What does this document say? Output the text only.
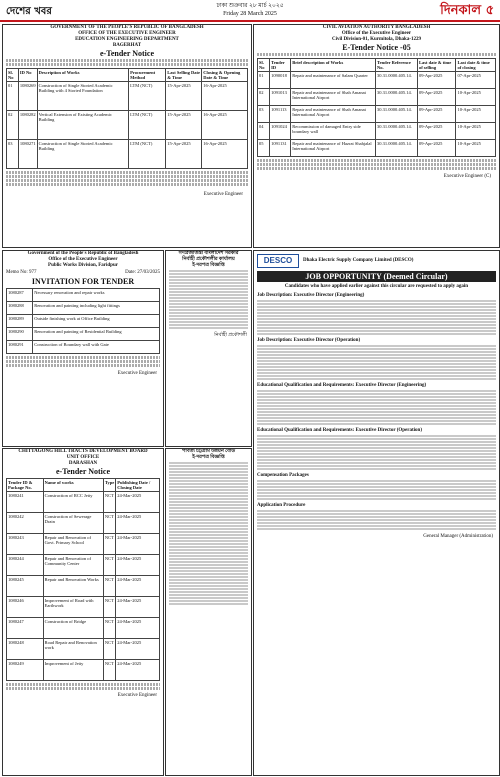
দেশের খবর	ঢাকা শুক্রবার ২৮ মার্চ ২০২৫
Friday 28 March 2025	দিনকাল ৫
GOVERNMENT OF THE PEOPLE'S REPUBLIC OF BANGLADESH
OFFICE OF THE EXECUTIVE ENGINEER
EDUCATION ENGINEERING DEPARTMENT
BAGERHAT
e-Tender Notice
Sl. No	ID No	Description of Works	Procurement Method	Last Selling Date & Time	Closing & Opening Date & Time
01	1080269	Construction of Single Storied Academic Building with 4 Storied Foundation	LTM (NCT)	15-Apr-2025	16-Apr-2025
02	1080282	Vertical Extension of Existing Academic Building	LTM (NCT)	15-Apr-2025	16-Apr-2025
03	1080271	Construction of Single Storied Academic Building	LTM (NCT)	15-Apr-2025	16-Apr-2025
Executive Engineer
CIVIL AVIATION AUTHORITY BANGLADESH
Office of the Executive Engineer
Civil Division-01, Kurmitola, Dhaka-1229
E-Tender Notice -05
Sl. No	Tender ID	Brief description of Works	Tender Reference No.	Last date & time of selling	Last date & time of closing
01	1090018	Repair and maintenance of Salam Quarter	30.31.0000.405.14.	09-Apr-2025	07-Apr-2025
02	1091013	Repair and maintenance of Shah Amanat International Airport	30.31.0000.405.14.	09-Apr-2025	10-Apr-2025
03	1091113	Repair and maintenance of Shah Amanat International Airport	30.31.0000.405.14.	09-Apr-2025	10-Apr-2025
04	1091024	Recommission of damaged Entry side boundary wall	30.31.0000.405.14.	09-Apr-2025	10-Apr-2025
05	1091131	Repair and maintenance of Hazrat Shahjalal International Airport	30.31.0000.405.14.	09-Apr-2025	10-Apr-2025
Executive Engineer (C)
Government of the People's Republic of Bangladesh
Office of the Executive Engineer
Public Works Division, Faridpur
Memo No: 977	Date: 27/03/2025
INVITATION FOR TENDER
1080287	Necessary renovation and repair works
1080288	Renovation and painting including light fittings
1080289	Outside finishing work at Office Building
1080290	Renovation and painting of Residential Building
1080291	Construction of Boundary wall with Gate
Executive Engineer
গণপ্রজাতন্ত্রী বাংলাদেশ সরকার
নির্বাহী প্রকৌশলীর কার্যালয়
ই-দরপত্র বিজ্ঞপ্তি
নির্বাহী প্রকৌশলী
CHITTAGONG HILL TRACTS DEVELOPMENT BOARD
UNIT OFFICE
DARASHAN
e-Tender Notice
Tender ID & Package No.	Name of works	Type	Publishing Date / Closing Date
1080241	Construction of RCC Jetty	NCT	24-Mar-2025
1080242	Construction of Sewerage Drain	NCT	24-Mar-2025
1080243	Repair and Renovation of Govt. Primary School	NCT	24-Mar-2025
1080244	Repair and Renovation of Community Center	NCT	24-Mar-2025
1080245	Repair and Renovation Works	NCT	24-Mar-2025
1080246	Improvement of Road with Earthwork	NCT	24-Mar-2025
1080247	Construction of Bridge	NCT	24-Mar-2025
1080248	Road Repair and Renovation work	NCT	24-Mar-2025
1080249	Improvement of Jetty	NCT	24-Mar-2025
Executive Engineer
পার্বত্য চট্টগ্রাম উন্নয়ন বোর্ড
ই-দরপত্র বিজ্ঞপ্তি
DESCO	Dhaka Electric Supply Company Limited (DESCO)
JOB OPPORTUNITY (Deemed Circular)
Candidates who have applied earlier against this circular are requested to apply again
Job Description: Executive Director (Engineering)
Job Description: Executive Director (Operation)
Educational Qualification and Requirements: Executive Director (Engineering)
Educational Qualification and Requirements: Executive Director (Operation)
Compensation Packages
Application Procedure
General Manager (Administration)
